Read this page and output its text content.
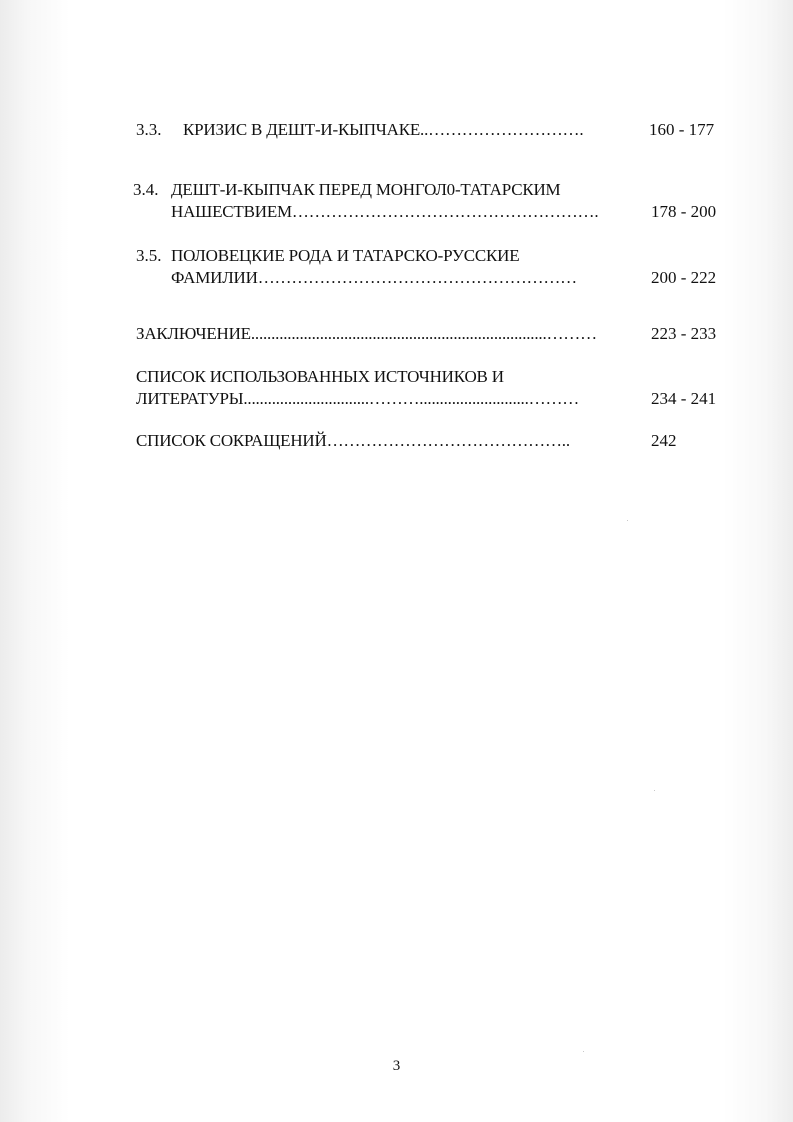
3.3. КРИЗИС В ДЕШТ-И-КЫПЧАКЕ..……………………….	160 - 177
3.4. ДЕШТ-И-КЫПЧАК ПЕРЕД МОНГОЛ0-ТАТАРСКИМ
НАШЕСТВИЕМ……………………………………………….	178 - 200
3.5. ПОЛОВЕЦКИЕ РОДА И ТАТАРСКО-РУССКИЕ
ФАМИЛИИ…………………………………………………	200 - 222
ЗАКЛЮЧЕНИЕ.........................................................................………	223 - 233
СПИСОК ИСПОЛЬЗОВАННЫХ ИСТОЧНИКОВ И
ЛИТЕРАТУРЫ...............................………...........................………	234 - 241
СПИСОК СОКРАЩЕНИЙ……………………………………..	242
3
